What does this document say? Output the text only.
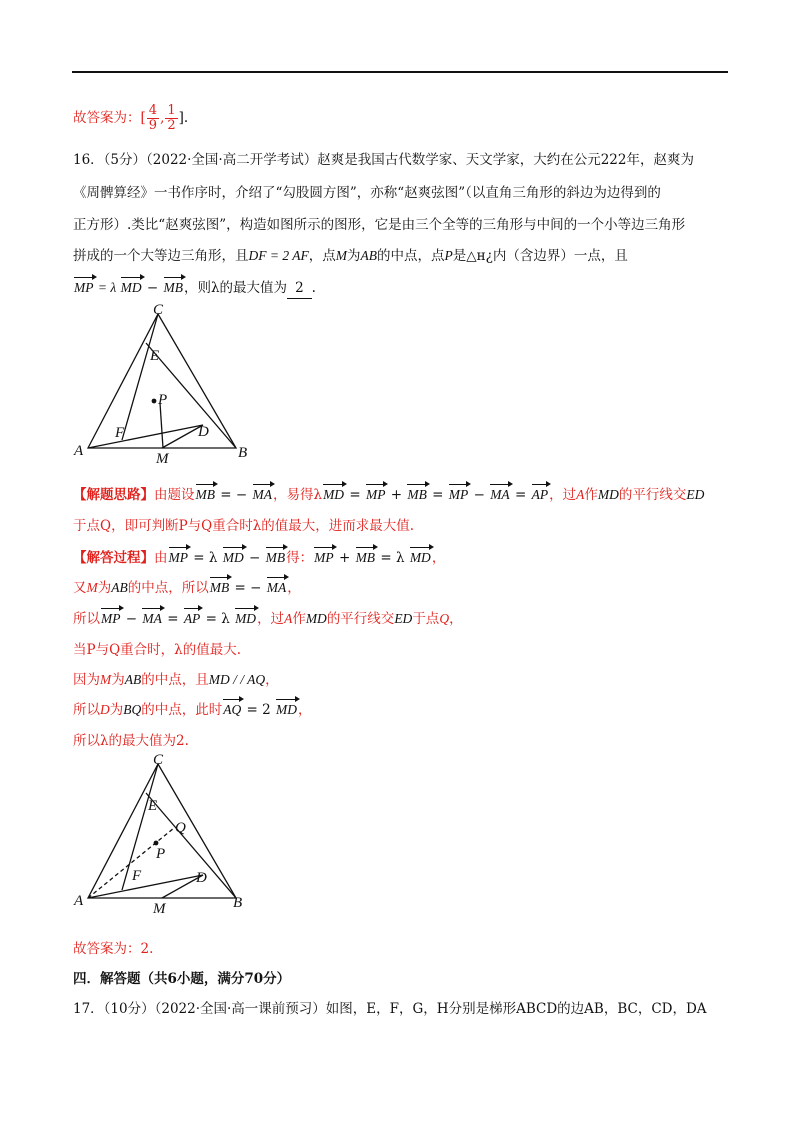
故答案为：[ $\frac{4}{9}$ , $\frac{1}{2}$ ].
16．（5分）（2022·全国·高二开学考试）赵爽是我国古代数学家、天文学家，大约在公元222年，赵爽为
《周髀算经》一书作序时，介绍了“勾股圆方图”，亦称“赵爽弦图”（以直角三角形的斜边为边得到的
正方形）.类比“赵爽弦图”，构造如图所示的图形，它是由三个全等的三角形与中间的一个小等边三角形
拼成的一个大等边三角形，且DF = 2 AF，点M为AB的中点，点P是△ʜ¿内（含边界）一点，且
MP = λ MD − MB，则λ的最大值为 2 .
C
E
P
F	D
A	M	B
【解题思路】由题设MB = − MA，易得λMD = MP + MB = MP − MA = AP，过A作MD的平行线交ED
于点Q，即可判断P与Q重合时λ的值最大，进而求最大值.
【解答过程】由MP = λ MD − MB得：MP + MB = λ MD，
又M为AB的中点，所以MB = − MA，
所以MP − MA = AP = λ MD，过A作MD的平行线交ED于点Q，
当P与Q重合时，λ的值最大.
因为M为AB的中点，且MD / / AQ，
所以D为BQ的中点，此时AQ = 2 MD，
所以λ的最大值为2.
C
E
Q
P
F	D
A	M	B
故答案为：2.
四．解答题（共6小题，满分70分）
17．（10分）（2022·全国·高一课前预习）如图，E，F，G，H分别是梯形ABCD的边AB，BC，CD，DA
